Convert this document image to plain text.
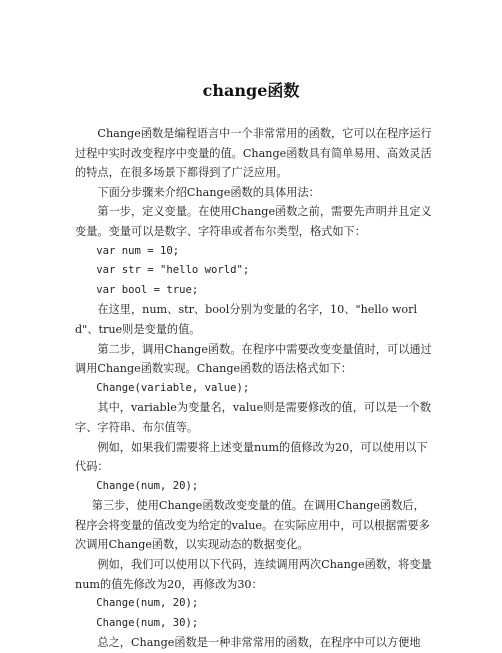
change函数

Change函数是编程语言中一个非常常用的函数，它可以在程序运行过程中实时改变程序中变量的值。Change函数具有简单易用、高效灵活的特点，在很多场景下都得到了广泛应用。

下面分步骤来介绍Change函数的具体用法：

第一步，定义变量。在使用Change函数之前，需要先声明并且定义变量。变量可以是数字、字符串或者布尔类型，格式如下：

var num = 10;

var str = "hello world";

var bool = true;

在这里，num、str、bool分别为变量的名字，10、"hello world"、true则是变量的值。

第二步，调用Change函数。在程序中需要改变变量值时，可以通过调用Change函数实现。Change函数的语法格式如下：

Change(variable, value);

其中，variable为变量名，value则是需要修改的值，可以是一个数字、字符串、布尔值等。

例如，如果我们需要将上述变量num的值修改为20，可以使用以下代码：

Change(num, 20);

第三步，使用Change函数改变变量的值。在调用Change函数后，程序会将变量的值改变为给定的value。在实际应用中，可以根据需要多次调用Change函数，以实现动态的数据变化。

例如，我们可以使用以下代码，连续调用两次Change函数，将变量num的值先修改为20，再修改为30：

Change(num, 20);

Change(num, 30);

总之，Change函数是一种非常常用的函数，在程序中可以方便地
